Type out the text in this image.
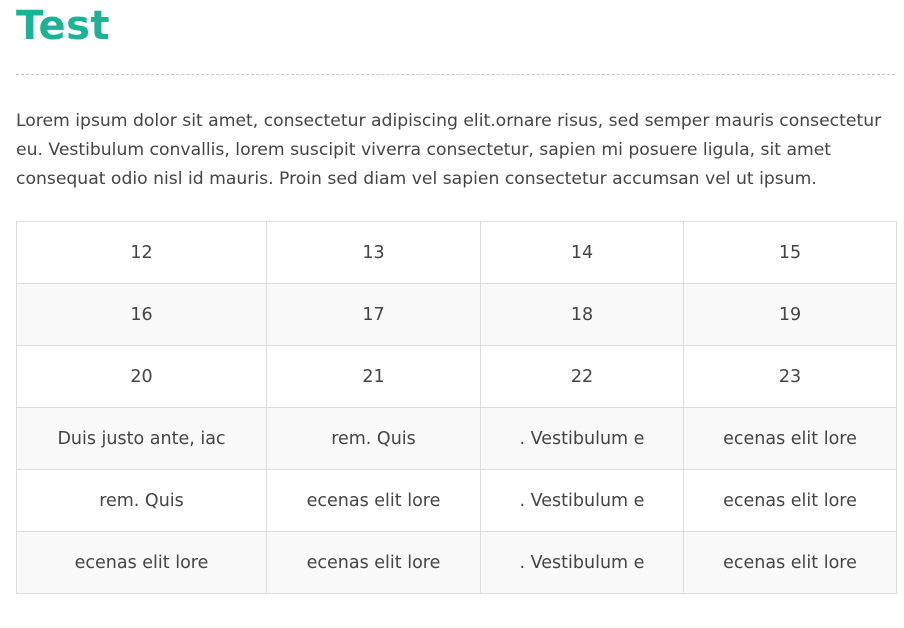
Test

Lorem ipsum dolor sit amet, consectetur adipiscing elit.ornare risus, sed semper mauris consectetur eu. Vestibulum convallis, lorem suscipit viverra consectetur, sapien mi posuere ligula, sit amet consequat odio nisl id mauris. Proin sed diam vel sapien consectetur accumsan vel ut ipsum.

12	13	14	15
16	17	18	19
20	21	22	23
Duis justo ante, iac	rem. Quis	. Vestibulum e	ecenas elit lore
rem. Quis	ecenas elit lore	. Vestibulum e	ecenas elit lore
ecenas elit lore	ecenas elit lore	. Vestibulum e	ecenas elit lore
